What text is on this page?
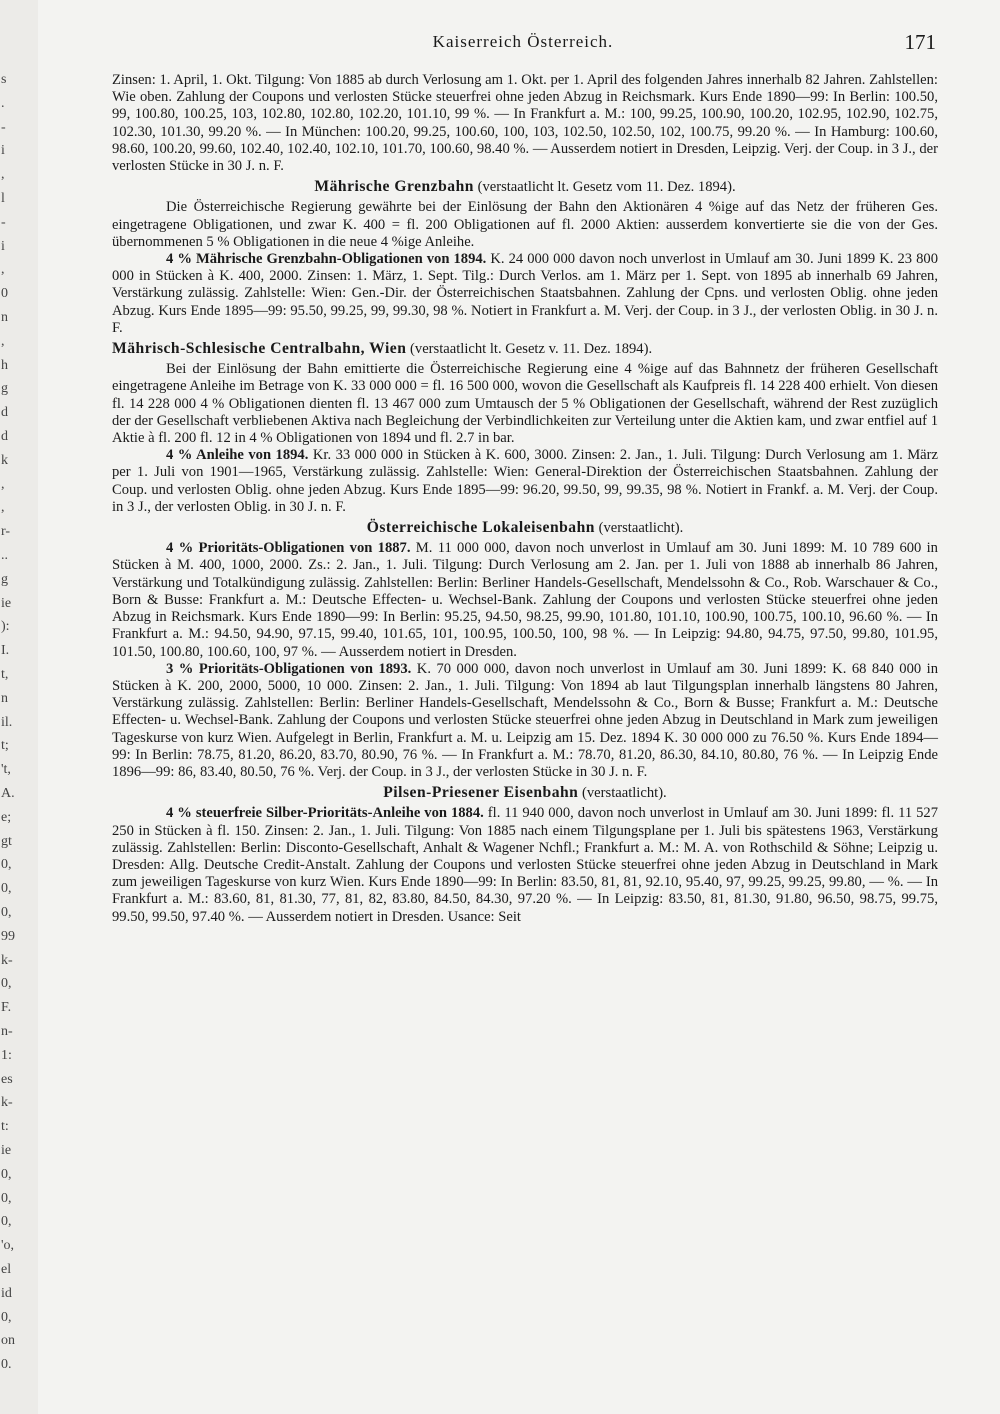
s
.
-
i
,
l
-
i
,
0
n
,
h
g
d
d
k
,
,
r-
..
g
ie
):
I.
t,
n
il.
t;
't,
A.
e;
gt
0,
0,
0,
99
k-
0,
F.
n-
1:
es
k-
t:
ie
0,
0,
0,
'o,
el
id
0,
on
0.
Kaiserreich Österreich.	171

Zinsen: 1. April, 1. Okt. Tilgung: Von 1885 ab durch Verlosung am 1. Okt. per 1. April des folgenden Jahres innerhalb 82 Jahren. Zahlstellen: Wie oben. Zahlung der Coupons und verlosten Stücke steuerfrei ohne jeden Abzug in Reichsmark. Kurs Ende 1890—99: In Berlin: 100.50, 99, 100.80, 100.25, 103, 102.80, 102.80, 102.20, 101.10, 99 %. — In Frankfurt a. M.: 100, 99.25, 100.90, 100.20, 102.95, 102.90, 102.75, 102.30, 101.30, 99.20 %. — In München: 100.20, 99.25, 100.60, 100, 103, 102.50, 102.50, 102, 100.75, 99.20 %. — In Hamburg: 100.60, 98.60, 100.20, 99.60, 102.40, 102.40, 102.10, 101.70, 100.60, 98.40 %. — Ausserdem notiert in Dresden, Leipzig. Verj. der Coup. in 3 J., der verlosten Stücke in 30 J. n. F.

Mährische Grenzbahn (verstaatlicht lt. Gesetz vom 11. Dez. 1894).

Die Österreichische Regierung gewährte bei der Einlösung der Bahn den Aktionären 4 %ige auf das Netz der früheren Ges. eingetragene Obligationen, und zwar K. 400 = fl. 200 Obligationen auf fl. 2000 Aktien: ausserdem konvertierte sie die von der Ges. übernommenen 5 % Obligationen in die neue 4 %ige Anleihe.

4 % Mährische Grenzbahn-Obligationen von 1894. K. 24 000 000 davon noch unverlost in Umlauf am 30. Juni 1899 K. 23 800 000 in Stücken à K. 400, 2000. Zinsen: 1. März, 1. Sept. Tilg.: Durch Verlos. am 1. März per 1. Sept. von 1895 ab innerhalb 69 Jahren, Verstärkung zulässig. Zahlstelle: Wien: Gen.-Dir. der Österreichischen Staatsbahnen. Zahlung der Cpns. und verlosten Oblig. ohne jeden Abzug. Kurs Ende 1895—99: 95.50, 99.25, 99, 99.30, 98 %. Notiert in Frankfurt a. M. Verj. der Coup. in 3 J., der verlosten Oblig. in 30 J. n. F.

Mährisch-Schlesische Centralbahn, Wien (verstaatlicht lt. Gesetz v. 11. Dez. 1894).

Bei der Einlösung der Bahn emittierte die Österreichische Regierung eine 4 %ige auf das Bahnnetz der früheren Gesellschaft eingetragene Anleihe im Betrage von K. 33 000 000 = fl. 16 500 000, wovon die Gesellschaft als Kaufpreis fl. 14 228 400 erhielt. Von diesen fl. 14 228 000 4 % Obligationen dienten fl. 13 467 000 zum Umtausch der 5 % Obligationen der Gesellschaft, während der Rest zuzüglich der der Gesellschaft verbliebenen Aktiva nach Begleichung der Verbindlichkeiten zur Verteilung unter die Aktien kam, und zwar entfiel auf 1 Aktie à fl. 200 fl. 12 in 4 % Obligationen von 1894 und fl. 2.7 in bar.

4 % Anleihe von 1894. Kr. 33 000 000 in Stücken à K. 600, 3000. Zinsen: 2. Jan., 1. Juli. Tilgung: Durch Verlosung am 1. März per 1. Juli von 1901—1965, Verstärkung zulässig. Zahlstelle: Wien: General-Direktion der Österreichischen Staatsbahnen. Zahlung der Coup. und verlosten Oblig. ohne jeden Abzug. Kurs Ende 1895—99: 96.20, 99.50, 99, 99.35, 98 %. Notiert in Frankf. a. M. Verj. der Coup. in 3 J., der verlosten Oblig. in 30 J. n. F.

Österreichische Lokaleisenbahn (verstaatlicht).

4 % Prioritäts-Obligationen von 1887. M. 11 000 000, davon noch unverlost in Umlauf am 30. Juni 1899: M. 10 789 600 in Stücken à M. 400, 1000, 2000. Zs.: 2. Jan., 1. Juli. Tilgung: Durch Verlosung am 2. Jan. per 1. Juli von 1888 ab innerhalb 86 Jahren, Verstärkung und Totalkündigung zulässig. Zahlstellen: Berlin: Berliner Handels-Gesellschaft, Mendelssohn & Co., Rob. Warschauer & Co., Born & Busse: Frankfurt a. M.: Deutsche Effecten- u. Wechsel-Bank. Zahlung der Coupons und verlosten Stücke steuerfrei ohne jeden Abzug in Reichsmark. Kurs Ende 1890—99: In Berlin: 95.25, 94.50, 98.25, 99.90, 101.80, 101.10, 100.90, 100.75, 100.10, 96.60 %. — In Frankfurt a. M.: 94.50, 94.90, 97.15, 99.40, 101.65, 101, 100.95, 100.50, 100, 98 %. — In Leipzig: 94.80, 94.75, 97.50, 99.80, 101.95, 101.50, 100.80, 100.60, 100, 97 %. — Ausserdem notiert in Dresden.

3 % Prioritäts-Obligationen von 1893. K. 70 000 000, davon noch unverlost in Umlauf am 30. Juni 1899: K. 68 840 000 in Stücken à K. 200, 2000, 5000, 10 000. Zinsen: 2. Jan., 1. Juli. Tilgung: Von 1894 ab laut Tilgungsplan innerhalb längstens 80 Jahren, Verstärkung zulässig. Zahlstellen: Berlin: Berliner Handels-Gesellschaft, Mendelssohn & Co., Born & Busse; Frankfurt a. M.: Deutsche Effecten- u. Wechsel-Bank. Zahlung der Coupons und verlosten Stücke steuerfrei ohne jeden Abzug in Deutschland in Mark zum jeweiligen Tageskurse von kurz Wien. Aufgelegt in Berlin, Frankfurt a. M. u. Leipzig am 15. Dez. 1894 K. 30 000 000 zu 76.50 %. Kurs Ende 1894—99: In Berlin: 78.75, 81.20, 86.20, 83.70, 80.90, 76 %. — In Frankfurt a. M.: 78.70, 81.20, 86.30, 84.10, 80.80, 76 %. — In Leipzig Ende 1896—99: 86, 83.40, 80.50, 76 %. Verj. der Coup. in 3 J., der verlosten Stücke in 30 J. n. F.

Pilsen-Priesener Eisenbahn (verstaatlicht).

4 % steuerfreie Silber-Prioritäts-Anleihe von 1884. fl. 11 940 000, davon noch unverlost in Umlauf am 30. Juni 1899: fl. 11 527 250 in Stücken à fl. 150. Zinsen: 2. Jan., 1. Juli. Tilgung: Von 1885 nach einem Tilgungsplane per 1. Juli bis spätestens 1963, Verstärkung zulässig. Zahlstellen: Berlin: Disconto-Gesellschaft, Anhalt & Wagener Nchfl.; Frankfurt a. M.: M. A. von Rothschild & Söhne; Leipzig u. Dresden: Allg. Deutsche Credit-Anstalt. Zahlung der Coupons und verlosten Stücke steuerfrei ohne jeden Abzug in Deutschland in Mark zum jeweiligen Tageskurse von kurz Wien. Kurs Ende 1890—99: In Berlin: 83.50, 81, 81, 92.10, 95.40, 97, 99.25, 99.25, 99.80, — %. — In Frankfurt a. M.: 83.60, 81, 81.30, 77, 81, 82, 83.80, 84.50, 84.30, 97.20 %. — In Leipzig: 83.50, 81, 81.30, 91.80, 96.50, 98.75, 99.75, 99.50, 99.50, 97.40 %. — Ausserdem notiert in Dresden. Usance: Seit
